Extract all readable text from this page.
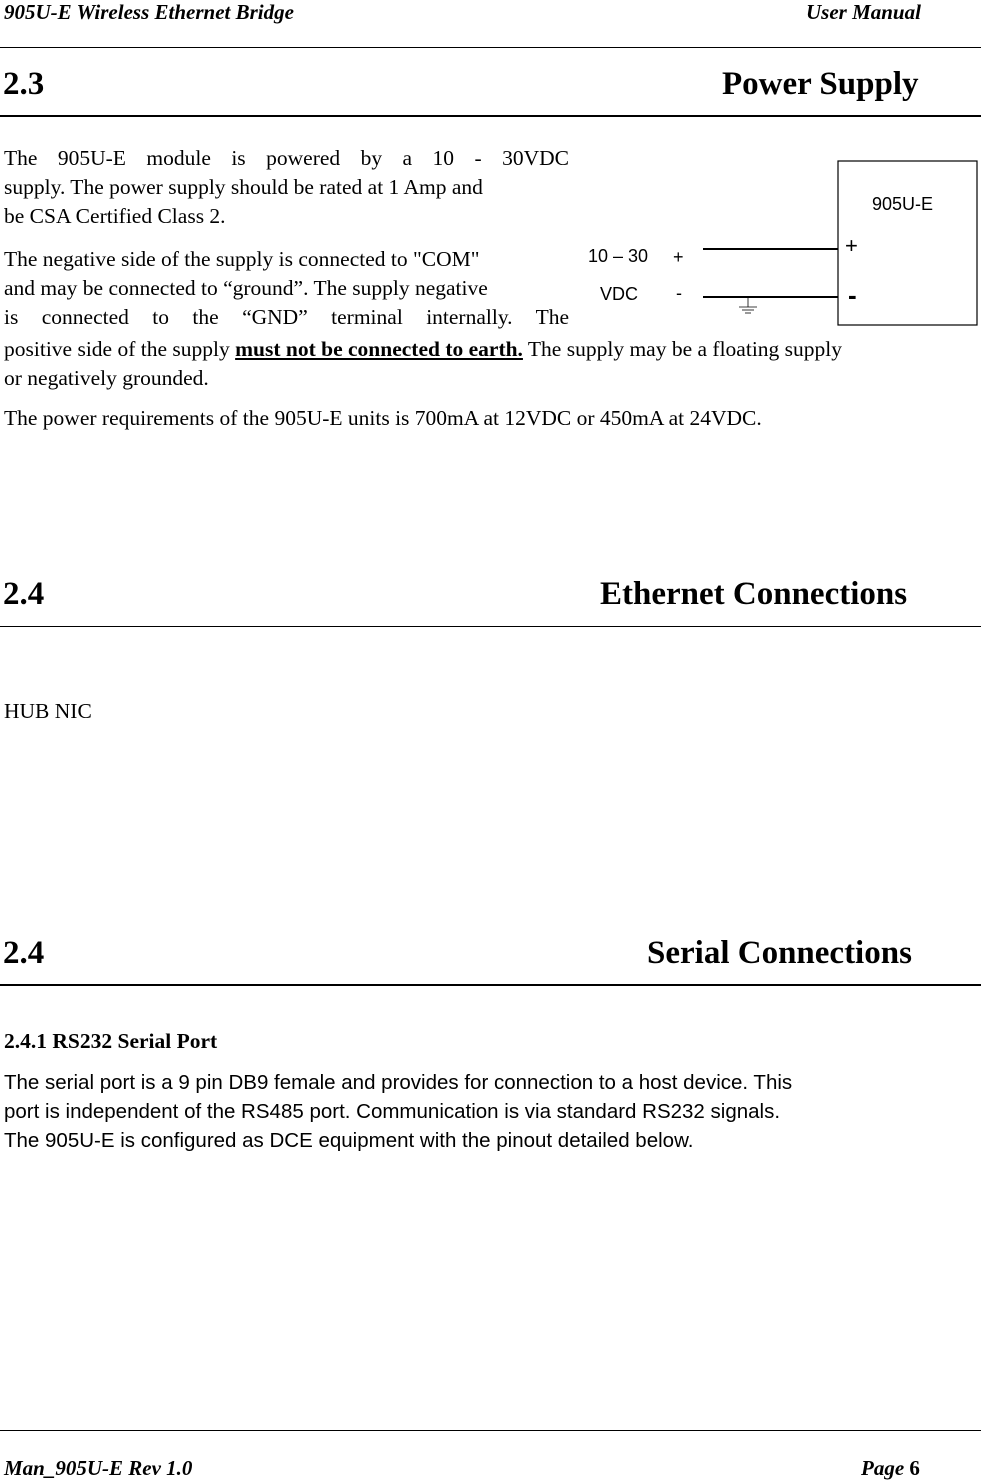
905U-E Wireless Ethernet Bridge	User Manual
2.3	Power Supply
The 905U-E module is powered by a 10 - 30VDC
supply. The power supply should be rated at 1 Amp and
be CSA Certified Class 2.
The negative side of the supply is connected to "COM"
and may be connected to “ground”. The supply negative
is connected to the “GND” terminal internally. The
positive side of the supply must not be connected to earth. The supply may be a floating supply
or negatively grounded.
The power requirements of the 905U-E units is 700mA at 12VDC or 450mA at 24VDC.
905U-E
+
-
10 – 30
VDC
+
-
2.4	Ethernet Connections
HUB NIC
2.4	Serial Connections
2.4.1 RS232 Serial Port
The serial port is a 9 pin DB9 female and provides for connection to a host device. This
port is independent of the RS485 port. Communication is via standard RS232 signals.
The 905U-E is configured as DCE equipment with the pinout detailed below.
Man_905U-E Rev 1.0	Page 6
